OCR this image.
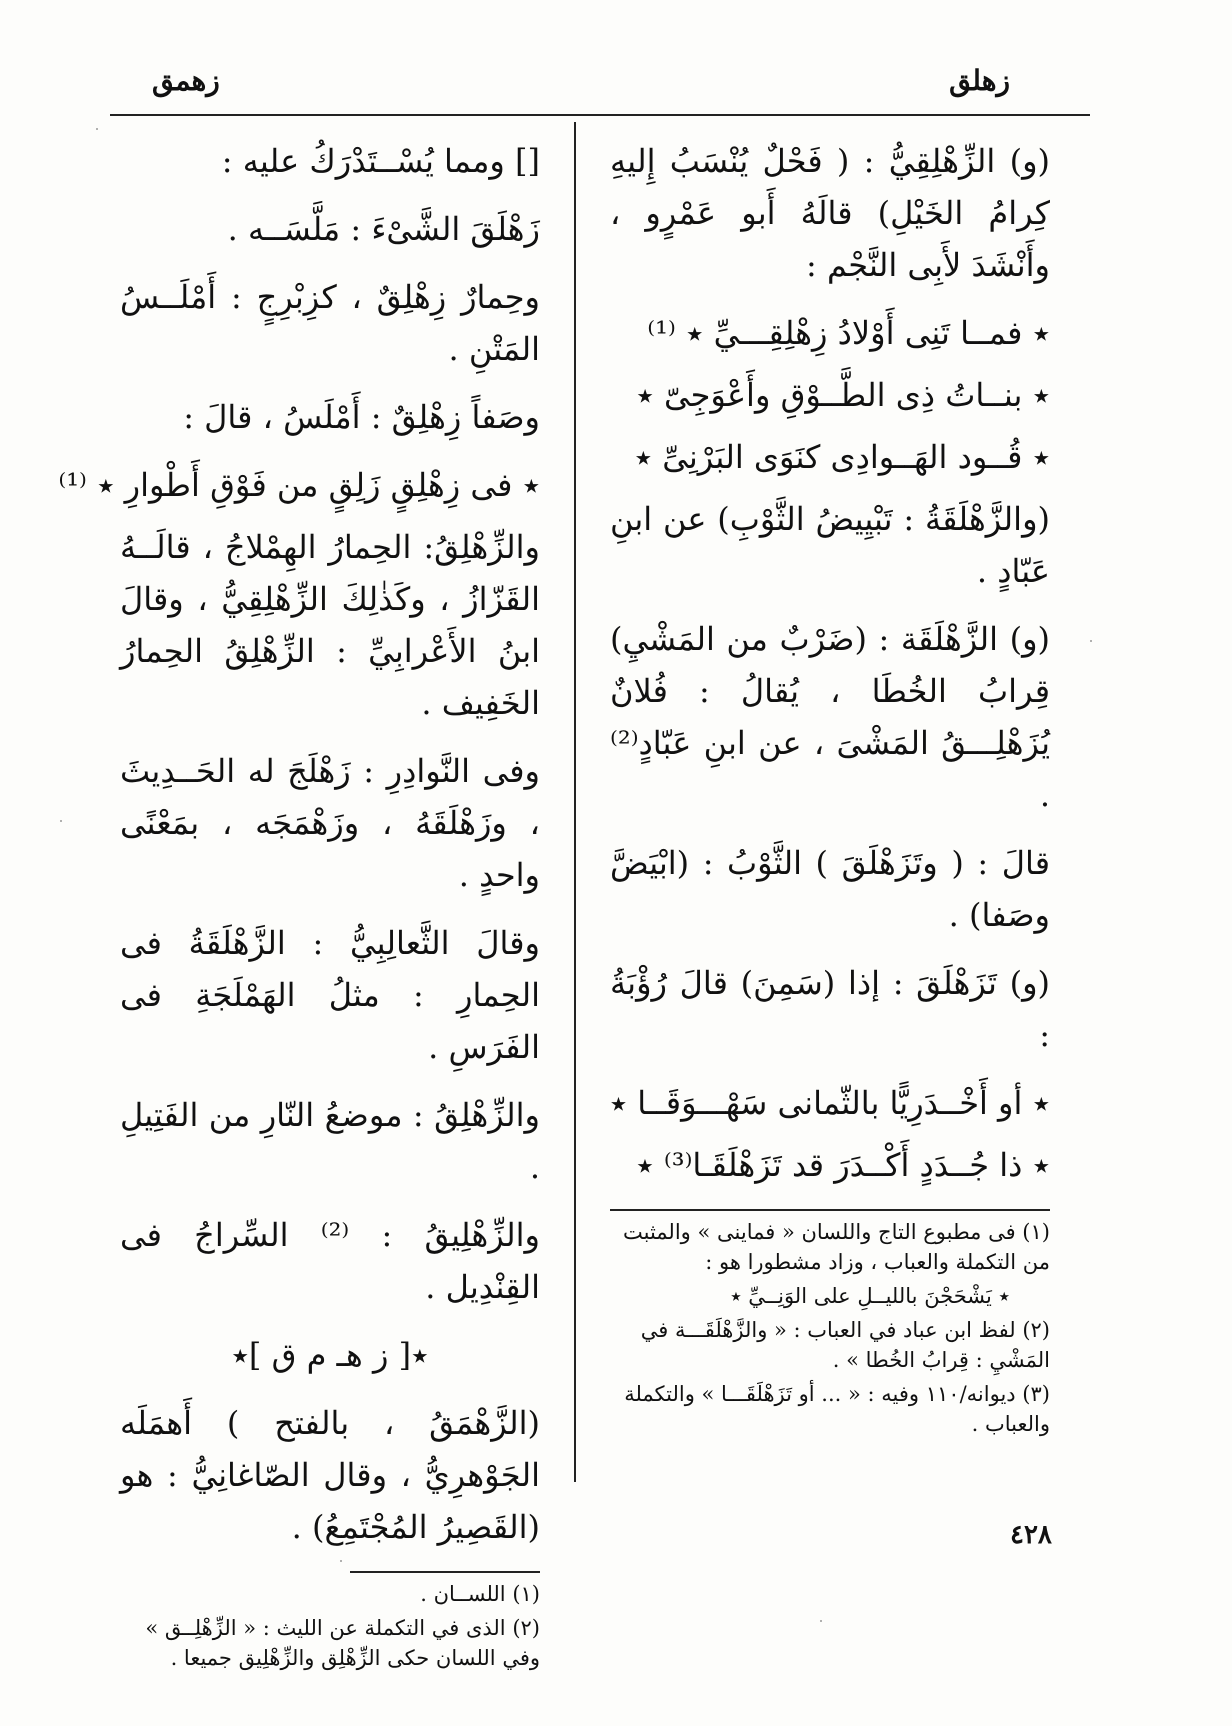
زهلق
زهمق

(و) الزِّهْلِقِيُّ : ( فَحْلٌ يُنْسَبُ إِليهِ كِرامُ الخَيْلِ) قالَهُ أَبو عَمْرٍو ، وأَنْشَدَ لأَبِى النَّجْم :

٭ فمــا تَنِى أَوْلادُ زِهْلِقِـــيِّ ٭ ⁽¹⁾

٭ بنــاتُ ذِى الطَّــوْقِ وأَعْوَجِىّ ٭

٭ قُــود الهَــوادِى كنَوَى البَرْنِىِّ ٭

(والزَّهْلَقَةُ : تَبْيِيضُ الثَّوْبِ) عن ابنِ عَبّادٍ .

(و) الزَّهْلَقَة : (ضَرْبٌ من المَشْيِ) قِرابُ الخُطَا ، يُقالُ : فُلانٌ يُزَهْلِـــقُ المَشْىَ ، عن ابنِ عَبّادٍ⁽²⁾ .

قالَ : ( وتَزَهْلَقَ ) الثَّوْبُ : (ابْيَضَّ وصَفا) .

(و) تَزَهْلَقَ : إذا (سَمِنَ) قالَ رُؤْبَةُ :

٭ أو أَخْــدَرِيًّا بالثّمانى سَهْـــوَقَــا ٭

٭ ذا جُــدَدٍ أَكْــدَرَ قد تَزَهْلَقَـا⁽³⁾ ٭

(١) فى مطبوع التاج واللسان « فماينى » والمثبت من التكملة والعباب ، وزاد مشطورا هو :

٭ يَشْحَجْنَ بالليــلِ على الوَنِــيِّ ٭

(٢) لفظ ابن عباد في العباب : « والزَّهْلَقَـــة في المَشْيِ : قِرابُ الخُطا » .

(٣) ديوانه/١١٠ وفيه : « ... أو تَزَهْلَقَـــا » والتكملة والعباب .

[] ومما يُسْــتَدْرَكُ عليه :

زَهْلَقَ الشَّىْءَ : مَلَّسَــه .

وحِمارٌ زِهْلِقٌ ، كزِبْرِجٍ : أَمْلَــسُ المَتْنِ .

وصَفاً زِهْلِقٌ : أَمْلَسُ ، قالَ :

٭ فى زِهْلِقٍ زَلِقٍ من فَوْقِ أَطْوارِ ٭ ⁽¹⁾

والزِّهْلِقُ: الحِمارُ الهِمْلاجُ ، قالَــهُ القَزّازُ ، وكَذٰلِكَ الزِّهْلِقِيُّ ، وقالَ ابنُ الأَعْرابِيِّ : الزِّهْلِقُ الحِمارُ الخَفِيف .

وفى النَّوادِرِ : زَهْلَجَ له الحَــدِيثَ ، وزَهْلَقَهُ ، وزَهْمَجَه ، بمَعْنًى واحدٍ .

وقالَ الثَّعالِبِيُّ : الزَّهْلَقَةُ فى الحِمارِ : مثلُ الهَمْلَجَةِ فى الفَرَسِ .

والزِّهْلِقُ : موضعُ النّارِ من الفَتِيلِ .

والزِّهْلِيقُ : ⁽²⁾ السِّراجُ فى القِنْدِيل .

٭[ ز هـ م ق ]٭

(الزَّهْمَقُ ، بالفتح ) أَهمَلَه الجَوْهرِيُّ ، وقال الصّاغانِيُّ : هو (القَصِيرُ المُجْتَمِعُ) .

(١) اللســان .

(٢) الذى في التكملة عن الليث : « الزِّهْلِــق » وفي اللسان حكى الزِّهْلِق والزِّهْلِيق جميعا .

٤٢٨
